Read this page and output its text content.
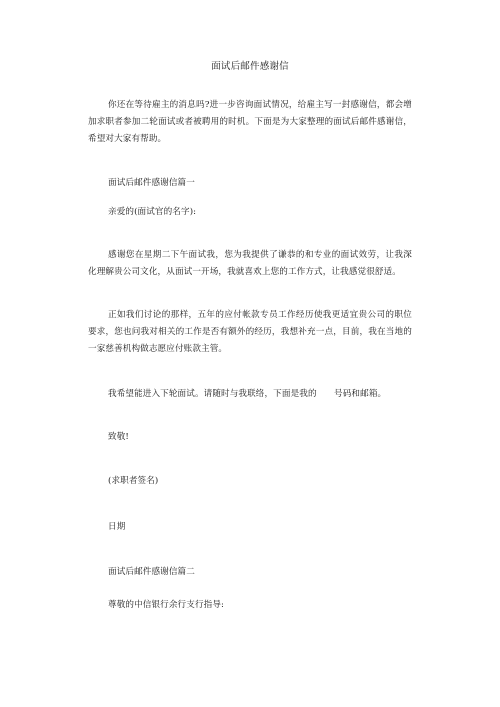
面试后邮件感谢信
你还在等待雇主的消息吗?进一步咨询面试情况，给雇主写一封感谢信，都会增加求职者参加二轮面试或者被聘用的时机。下面是为大家整理的面试后邮件感谢信，希望对大家有帮助。
面试后邮件感谢信篇一
亲爱的(面试官的名字):
感谢您在星期二下午面试我，您为我提供了谦恭的和专业的面试效劳，让我深化理解贵公司文化，从面试一开场，我就喜欢上您的工作方式，让我感觉很舒适。
正如我们讨论的那样，五年的应付帐款专员工作经历使我更适宜贵公司的职位要求，您也问我对相关的工作是否有额外的经历，我想补充一点，目前，我在当地的一家慈善机构做志愿应付账款主管。
我希望能进入下轮面试。请随时与我联络，下面是我的　　号码和邮箱。
致敬!
(求职者签名)
日期
面试后邮件感谢信篇二
尊敬的中信银行余行支行指导:
